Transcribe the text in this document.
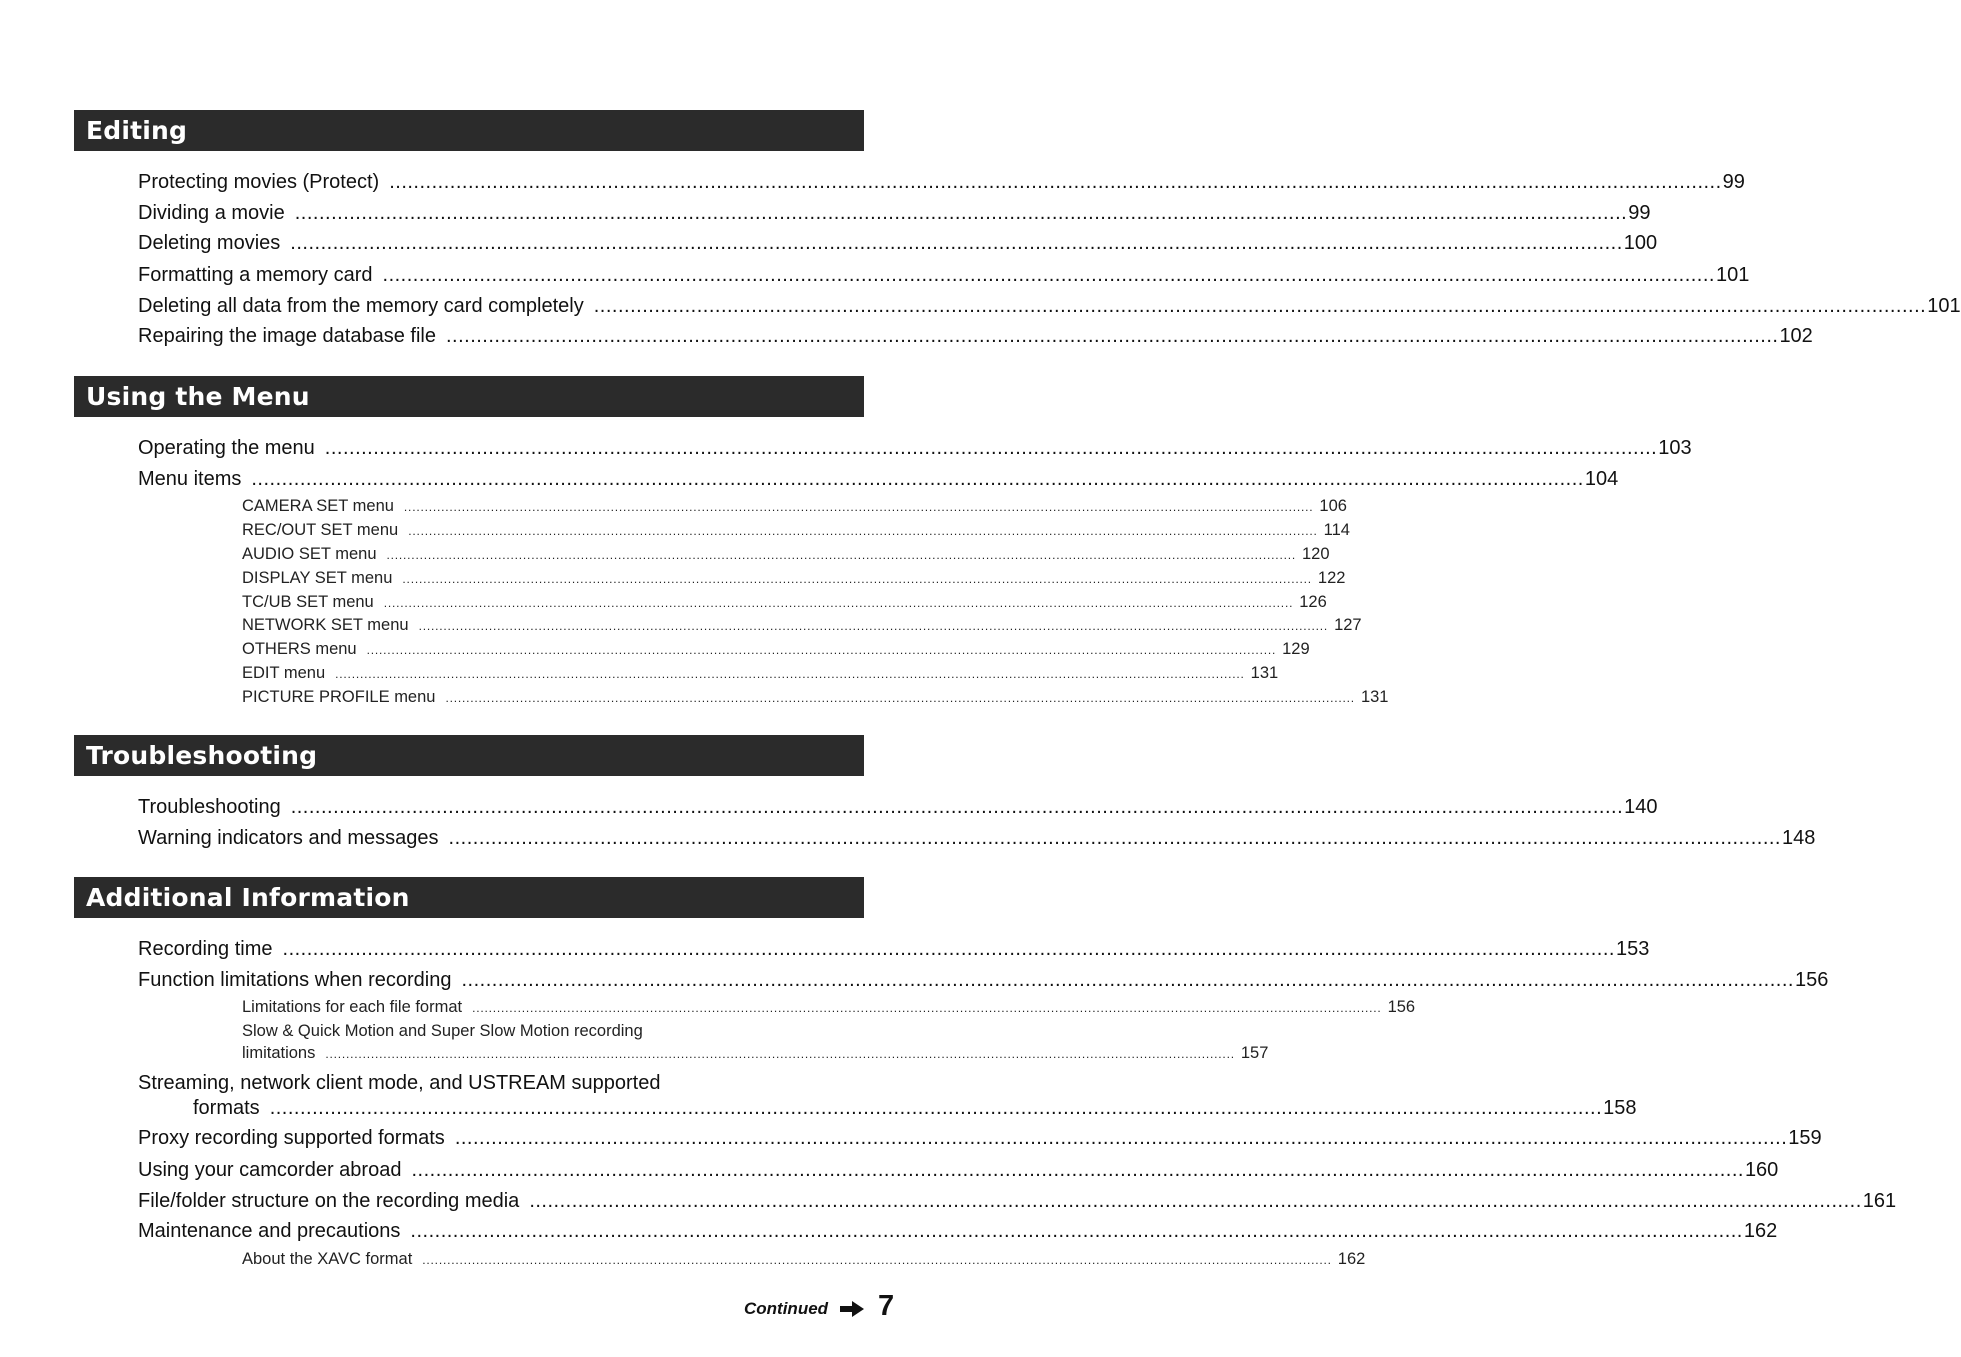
Editing
Protecting movies (Protect) ............................................................................................................................................................................................................................ 99
Dividing a movie ............................................................................................................................................................................................................................ 99
Deleting movies ............................................................................................................................................................................................................................ 100
Formatting a memory card ............................................................................................................................................................................................................................ 101
Deleting all data from the memory card completely ............................................................................................................................................................................................................................ 101
Repairing the image database file ............................................................................................................................................................................................................................ 102
Using the Menu
Operating the menu ............................................................................................................................................................................................................................ 103
Menu items ............................................................................................................................................................................................................................ 104
CAMERA SET menu ............................................................................................................................................................................................................................ 106
REC/OUT SET menu ............................................................................................................................................................................................................................ 114
AUDIO SET menu ............................................................................................................................................................................................................................ 120
DISPLAY SET menu ............................................................................................................................................................................................................................ 122
TC/UB SET menu ............................................................................................................................................................................................................................ 126
NETWORK SET menu ............................................................................................................................................................................................................................ 127
OTHERS menu ............................................................................................................................................................................................................................ 129
EDIT menu ............................................................................................................................................................................................................................ 131
PICTURE PROFILE menu ............................................................................................................................................................................................................................ 131
Troubleshooting
Troubleshooting ............................................................................................................................................................................................................................ 140
Warning indicators and messages ............................................................................................................................................................................................................................ 148
Additional Information
Recording time ............................................................................................................................................................................................................................ 153
Function limitations when recording ............................................................................................................................................................................................................................ 156
Limitations for each file format ............................................................................................................................................................................................................................ 156
Slow & Quick Motion and Super Slow Motion recording
limitations ............................................................................................................................................................................................................................ 157
Streaming, network client mode, and USTREAM supported
formats ............................................................................................................................................................................................................................ 158
Proxy recording supported formats ............................................................................................................................................................................................................................ 159
Using your camcorder abroad ............................................................................................................................................................................................................................ 160
File/folder structure on the recording media ............................................................................................................................................................................................................................ 161
Maintenance and precautions ............................................................................................................................................................................................................................ 162
About the XAVC format ............................................................................................................................................................................................................................ 162
Continued 7
